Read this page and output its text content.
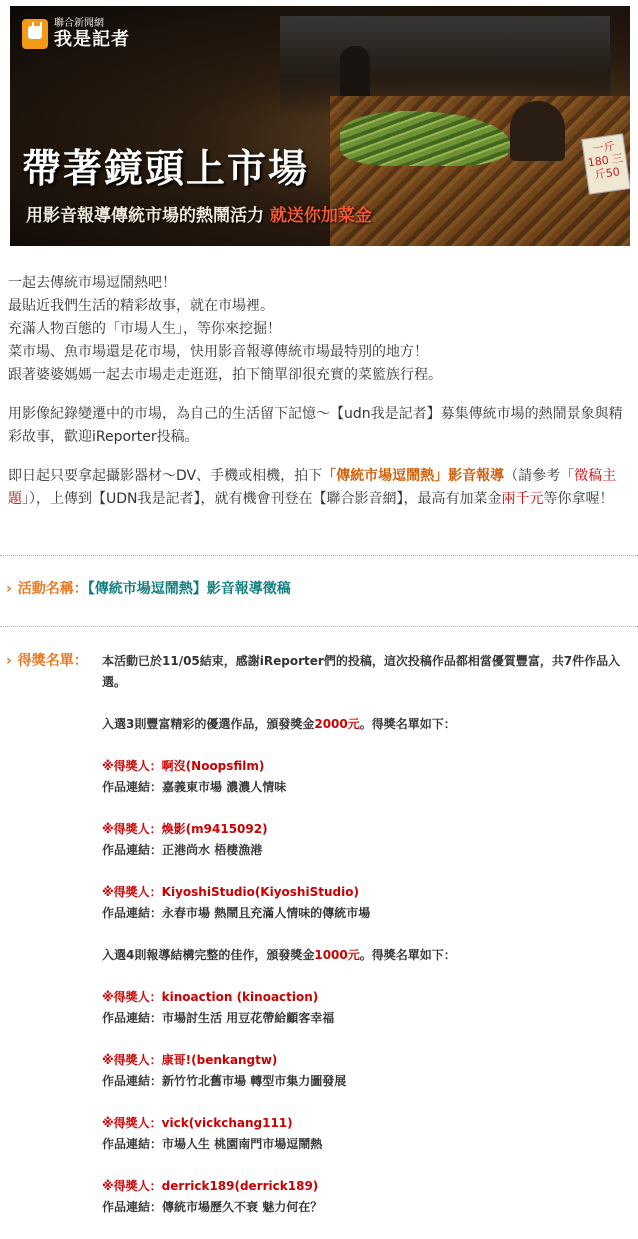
一斤180 三斤50
聯合新聞網
我是記者
帶著鏡頭上市場
用影音報導傳統市場的熱鬧活力 就送你加菜金

一起去傳統市場逗鬧熱吧！
最貼近我們生活的精彩故事，就在市場裡。
充滿人物百態的「市場人生」，等你來挖掘！
菜市場、魚市場還是花市場，快用影音報導傳統市場最特別的地方！
跟著婆婆媽媽一起去市場走走逛逛，拍下簡單卻很充實的菜籃族行程。

用影像紀錄變遷中的市場，為自己的生活留下記憶～【udn我是記者】募集傳統市場的熱鬧景象與精彩故事，歡迎iReporter投稿。

即日起只要拿起攝影器材～DV、手機或相機，拍下「傳統市場逗鬧熱」影音報導（請參考「徵稿主題」），上傳到【UDN我是記者】，就有機會刊登在【聯合影音網】，最高有加菜金兩千元等你拿喔！

› 活動名稱：【傳統市場逗鬧熱】影音報導徵稿
› 得獎名單： 本活動已於11/05結束，感謝iReporter們的投稿，這次投稿作品都相當優質豐富，共7件作品入選。

入選3則豐富精彩的優選作品，頒發獎金2000元。得獎名單如下：

※得獎人：啊沒(Noopsfilm)
作品連結：嘉義東市場 濃濃人情味
※得獎人：煥影(m9415092)
作品連結：正港尚水 梧棲漁港
※得獎人：KiyoshiStudio(KiyoshiStudio)
作品連結：永春市場 熱鬧且充滿人情味的傳統市場

入選4則報導結構完整的佳作，頒發獎金1000元。得獎名單如下：

※得獎人：kinoaction (kinoaction)
作品連結：市場討生活 用豆花帶給顧客幸福
※得獎人：康哥!(benkangtw)
作品連結：新竹竹北舊市場 轉型市集力圖發展
※得獎人：vick(vickchang111)
作品連結：市場人生 桃園南門市場逗鬧熱
※得獎人：derrick189(derrick189)
作品連結：傳統市場歷久不衰 魅力何在？
